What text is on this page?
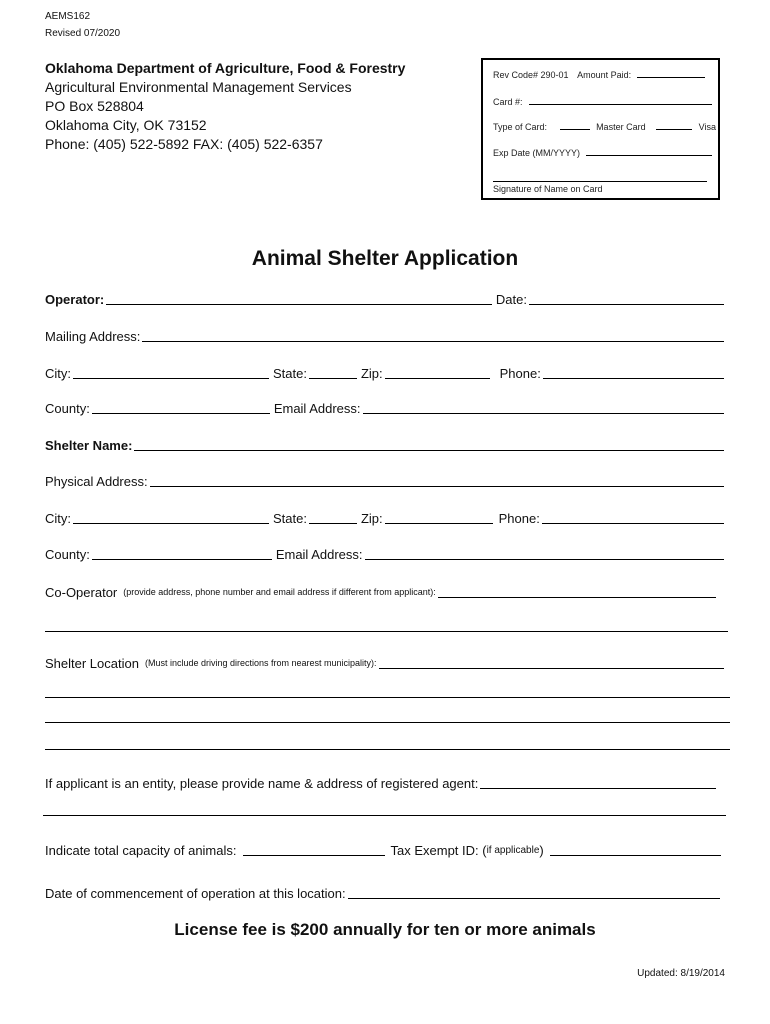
AEMS162
Revised 07/2020
Oklahoma Department of Agriculture, Food & Forestry
Agricultural Environmental Management Services
PO Box 528804
Oklahoma City, OK 73152
Phone: (405) 522-5892 FAX: (405) 522-6357
Rev Code# 290-01 Amount Paid:
Card #:
Type of Card:	Master Card	Visa
Exp Date (MM/YYYY)
Signature of Name on Card
Animal Shelter Application
Operator:	Date:
Mailing Address:
City:	State:	Zip:	Phone:
County:	Email Address:
Shelter Name:
Physical Address:
City:	State:	Zip:	Phone:
County:	Email Address:
Co-Operator (provide address, phone number and email address if different from applicant):
Shelter Location (Must include driving directions from nearest municipality):
If applicant is an entity, please provide name & address of registered agent:
Indicate total capacity of animals:	Tax Exempt ID: ( if applicable )
Date of commencement of operation at this location:
License fee is $200 annually for ten or more animals
Updated: 8/19/2014
